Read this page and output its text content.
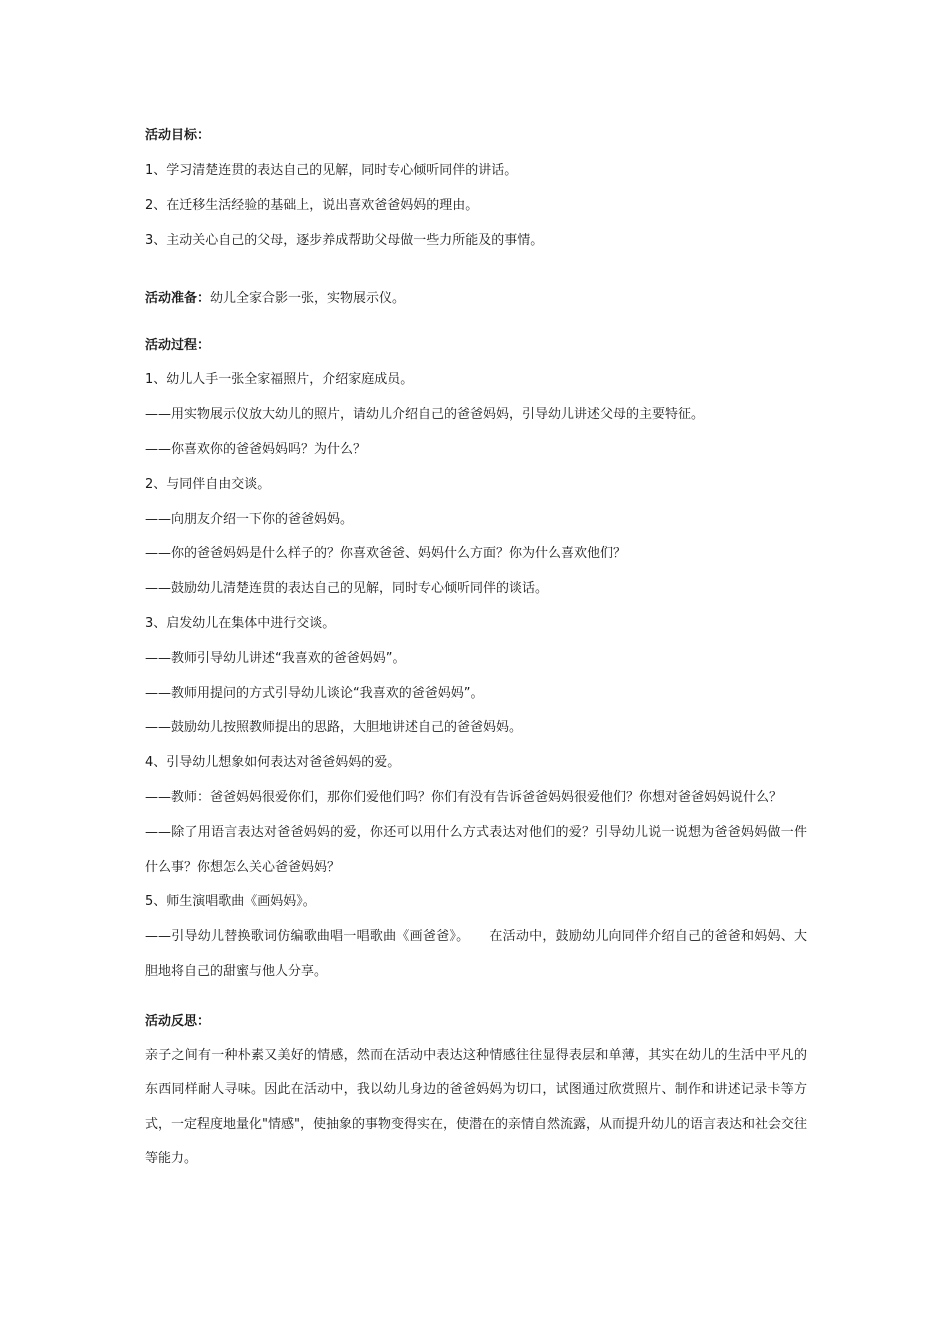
活动目标：

1、学习清楚连贯的表达自己的见解，同时专心倾听同伴的讲话。

2、在迁移生活经验的基础上，说出喜欢爸爸妈妈的理由。

3、主动关心自己的父母，逐步养成帮助父母做一些力所能及的事情。

活动准备：幼儿全家合影一张，实物展示仪。

活动过程：

1、幼儿人手一张全家福照片，介绍家庭成员。

——用实物展示仪放大幼儿的照片，请幼儿介绍自己的爸爸妈妈，引导幼儿讲述父母的主要特征。

——你喜欢你的爸爸妈妈吗？为什么？

2、与同伴自由交谈。

——向朋友介绍一下你的爸爸妈妈。

——你的爸爸妈妈是什么样子的？你喜欢爸爸、妈妈什么方面？你为什么喜欢他们？

——鼓励幼儿清楚连贯的表达自己的见解，同时专心倾听同伴的谈话。

3、启发幼儿在集体中进行交谈。

——教师引导幼儿讲述“我喜欢的爸爸妈妈”。

——教师用提问的方式引导幼儿谈论“我喜欢的爸爸妈妈”。

——鼓励幼儿按照教师提出的思路，大胆地讲述自己的爸爸妈妈。

4、引导幼儿想象如何表达对爸爸妈妈的爱。

——教师：爸爸妈妈很爱你们，那你们爱他们吗？你们有没有告诉爸爸妈妈很爱他们？你想对爸爸妈妈说什么？

——除了用语言表达对爸爸妈妈的爱，你还可以用什么方式表达对他们的爱？引导幼儿说一说想为爸爸妈妈做一件什么事？你想怎么关心爸爸妈妈？

5、师生演唱歌曲《画妈妈》。

——引导幼儿替换歌词仿编歌曲唱一唱歌曲《画爸爸》。　　在活动中，鼓励幼儿向同伴介绍自己的爸爸和妈妈、大胆地将自己的甜蜜与他人分享。

活动反思：

亲子之间有一种朴素又美好的情感，然而在活动中表达这种情感往往显得表层和单薄，其实在幼儿的生活中平凡的东西同样耐人寻味。因此在活动中，我以幼儿身边的爸爸妈妈为切口，试图通过欣赏照片、制作和讲述记录卡等方式，一定程度地量化"情感"，使抽象的事物变得实在，使潜在的亲情自然流露，从而提升幼儿的语言表达和社会交往等能力。
